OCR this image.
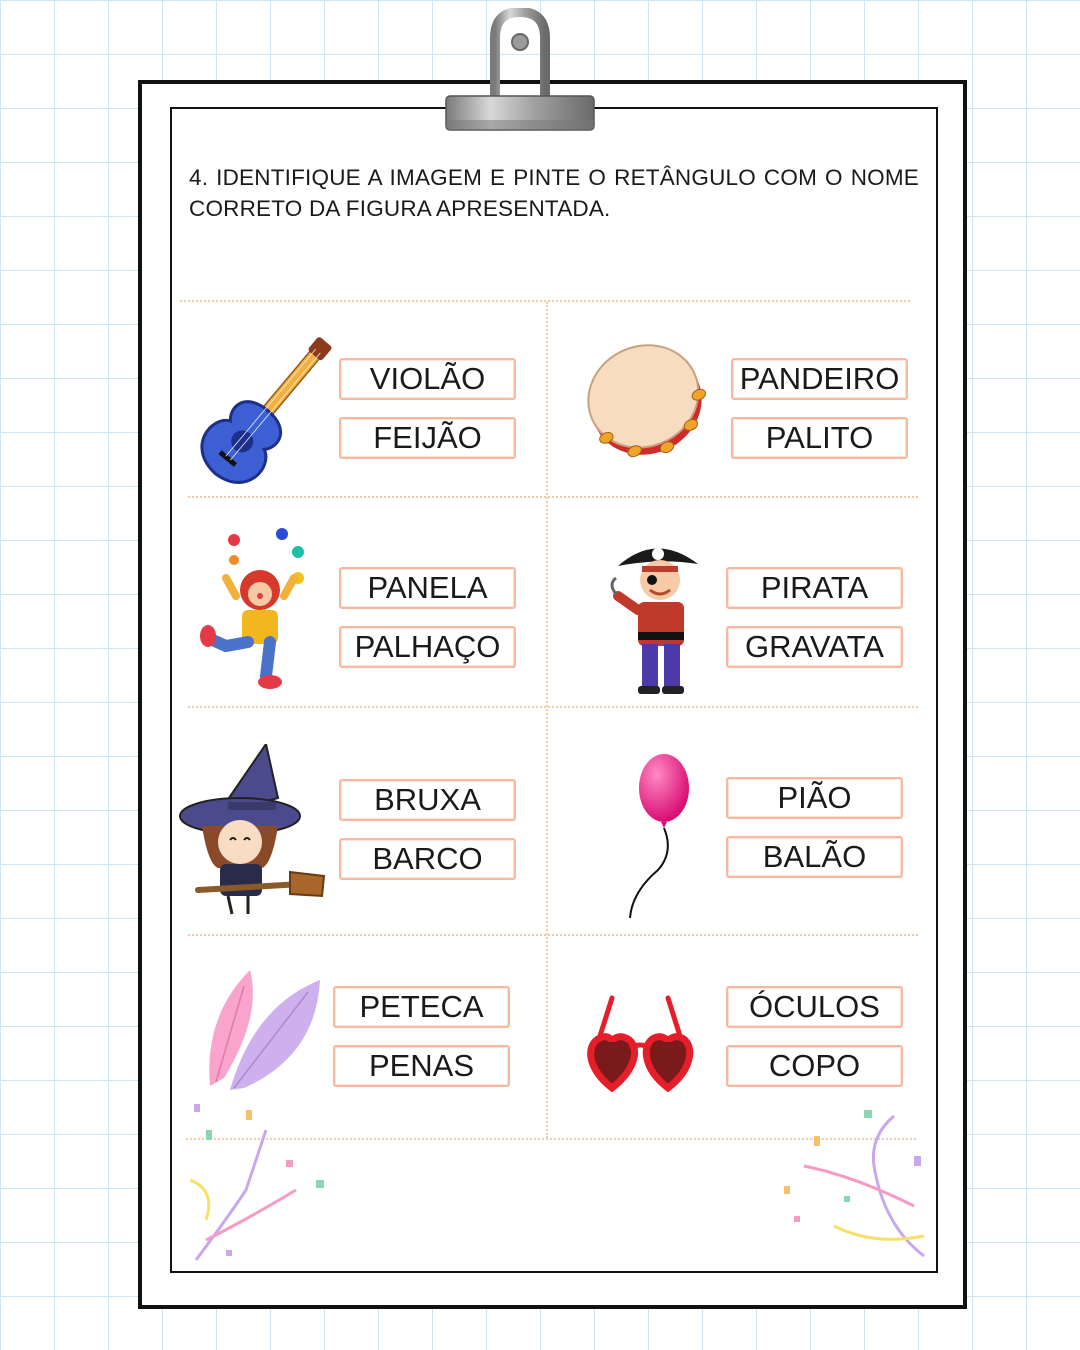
4. IDENTIFIQUE A IMAGEM E PINTE O RETÂNGULO COM O NOME CORRETO DA FIGURA APRESENTADA.
VIOLÃO
FEIJÃO
PANDEIRO
PALITO
PANELA
PALHAÇO
PIRATA
GRAVATA
BRUXA
BARCO
PIÃO
BALÃO
PETECA
PENAS
ÓCULOS
COPO
